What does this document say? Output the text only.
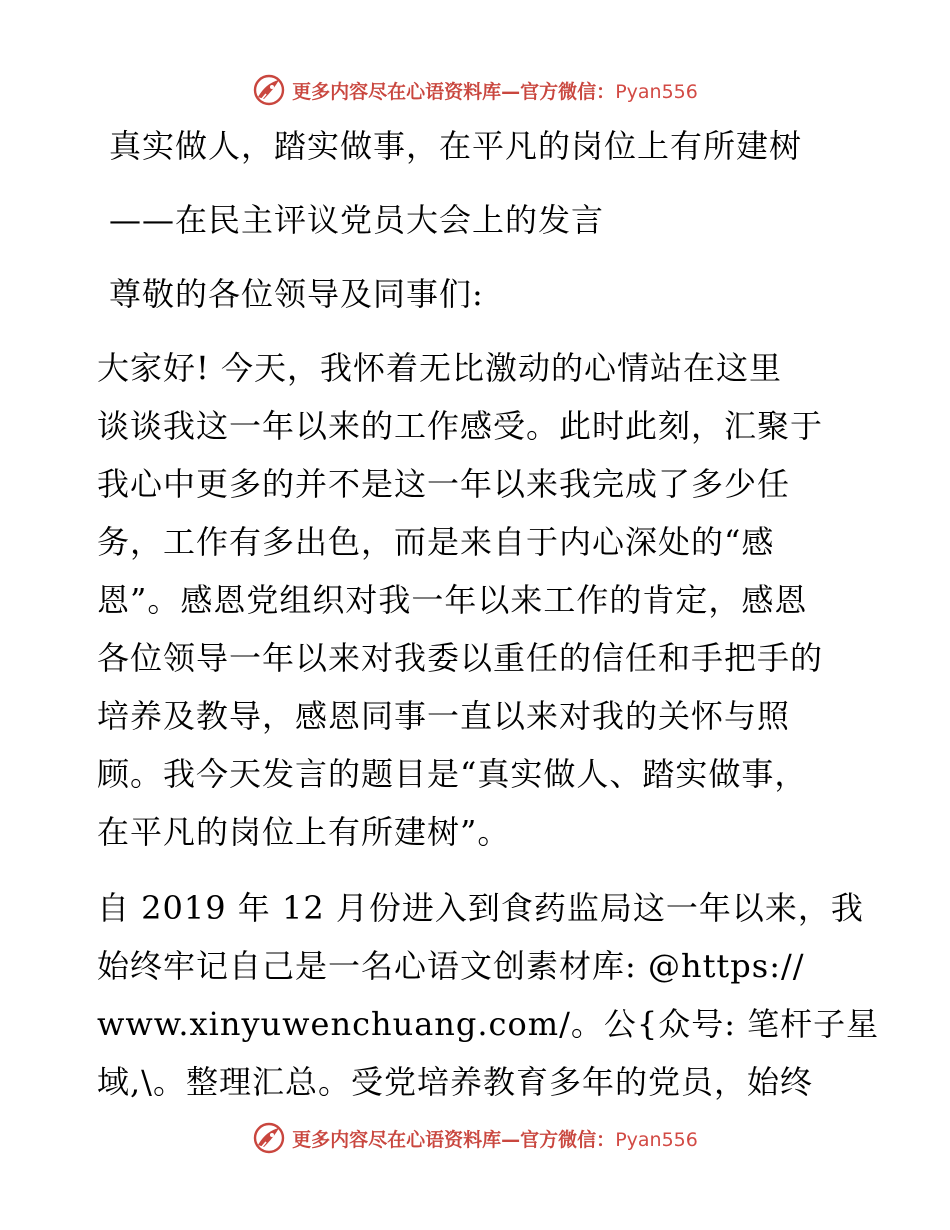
更多内容尽在心语资料库—官方微信：Pyan556
真实做人，踏实做事，在平凡的岗位上有所建树
——在民主评议党员大会上的发言
尊敬的各位领导及同事们:
大家好! 今天，我怀着无比激动的心情站在这里
谈谈我这一年以来的工作感受。此时此刻，汇聚于
我心中更多的并不是这一年以来我完成了多少任
务，工作有多出色，而是来自于内心深处的“感
恩”。感恩党组织对我一年以来工作的肯定，感恩
各位领导一年以来对我委以重任的信任和手把手的
培养及教导，感恩同事一直以来对我的关怀与照
顾。我今天发言的题目是“真实做人、踏实做事，
在平凡的岗位上有所建树”。
自 2019 年 12 月份进入到食药监局这一年以来，我
始终牢记自己是一名心语文创素材库: @https://
www.xinyuwenchuang.com/。公{众号: 笔杆子星
域,\。整理汇总。受党培养教育多年的党员，始终
更多内容尽在心语资料库—官方微信：Pyan556
